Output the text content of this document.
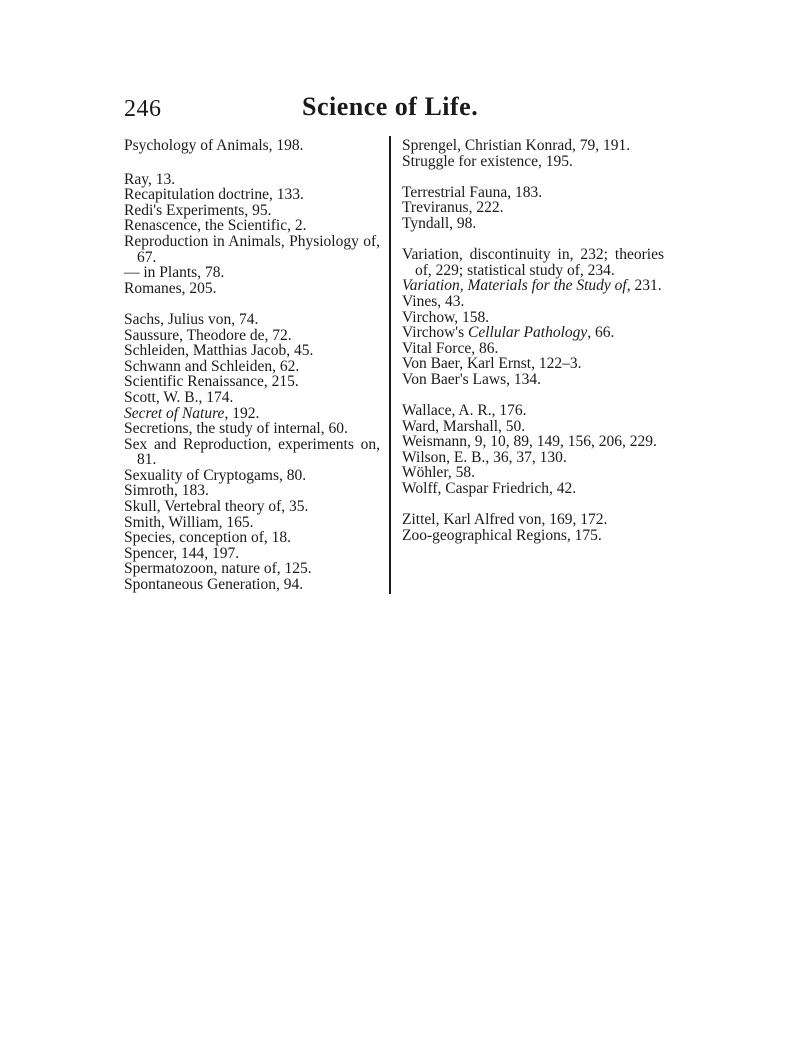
246	Science of Life.
Psychology of Animals, 198.
Ray, 13.
Recapitulation doctrine, 133.
Redi's Experiments, 95.
Renascence, the Scientific, 2.
Reproduction in Animals, Physiology of, 67.
— in Plants, 78.
Romanes, 205.
Sachs, Julius von, 74.
Saussure, Theodore de, 72.
Schleiden, Matthias Jacob, 45.
Schwann and Schleiden, 62.
Scientific Renaissance, 215.
Scott, W. B., 174.
Secret of Nature, 192.
Secretions, the study of internal, 60.
Sex and Reproduction, experiments on, 81.
Sexuality of Cryptogams, 80.
Simroth, 183.
Skull, Vertebral theory of, 35.
Smith, William, 165.
Species, conception of, 18.
Spencer, 144, 197.
Spermatozoon, nature of, 125.
Spontaneous Generation, 94.
Sprengel, Christian Konrad, 79, 191.
Struggle for existence, 195.
Terrestrial Fauna, 183.
Treviranus, 222.
Tyndall, 98.
Variation, discontinuity in, 232; theories of, 229; statistical study of, 234.
Variation, Materials for the Study of, 231.
Vines, 43.
Virchow, 158.
Virchow's Cellular Pathology, 66.
Vital Force, 86.
Von Baer, Karl Ernst, 122–3.
Von Baer's Laws, 134.
Wallace, A. R., 176.
Ward, Marshall, 50.
Weismann, 9, 10, 89, 149, 156, 206, 229.
Wilson, E. B., 36, 37, 130.
Wöhler, 58.
Wolff, Caspar Friedrich, 42.
Zittel, Karl Alfred von, 169, 172.
Zoo-geographical Regions, 175.
